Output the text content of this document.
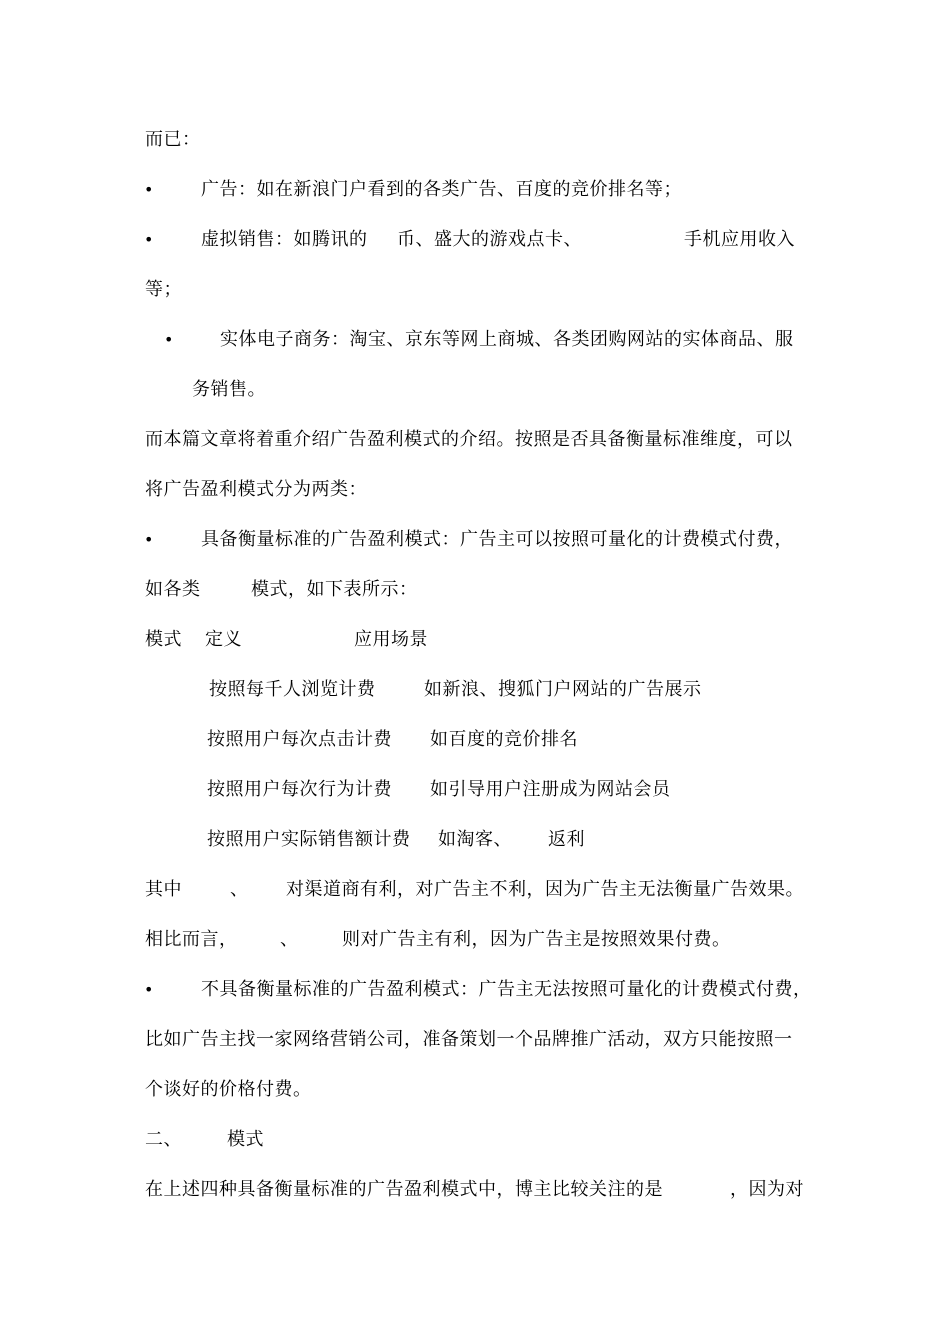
而已：
•	广告：如在新浪门户看到的各类广告、百度的竞价排名等；
•	虚拟销售：如腾讯的 币、盛大的游戏点卡、	手机应用收入
等；
•	实体电子商务：淘宝、京东等网上商城、各类团购网站的实体商品、服
务销售。
而本篇文章将着重介绍广告盈利模式的介绍。按照是否具备衡量标准维度，可以
将广告盈利模式分为两类：
•	具备衡量标准的广告盈利模式：广告主可以按照可量化的计费模式付费，
如各类	模式，如下表所示：
模式 定义	应用场景
按照每千人浏览计费	如新浪、搜狐门户网站的广告展示
按照用户每次点击计费 如百度的竞价排名
按照用户每次行为计费 如引导用户注册成为网站会员
按照用户实际销售额计费 如淘客、 返利
其中	、 对渠道商有利，对广告主不利，因为广告主无法衡量广告效果。
相比而言， 、 则对广告主有利，因为广告主是按照效果付费。
•	不具备衡量标准的广告盈利模式：广告主无法按照可量化的计费模式付费，
比如广告主找一家网络营销公司，准备策划一个品牌推广活动，双方只能按照一
个谈好的价格付费。
二、	模式
在上述四种具备衡量标准的广告盈利模式中，博主比较关注的是	，因为对
